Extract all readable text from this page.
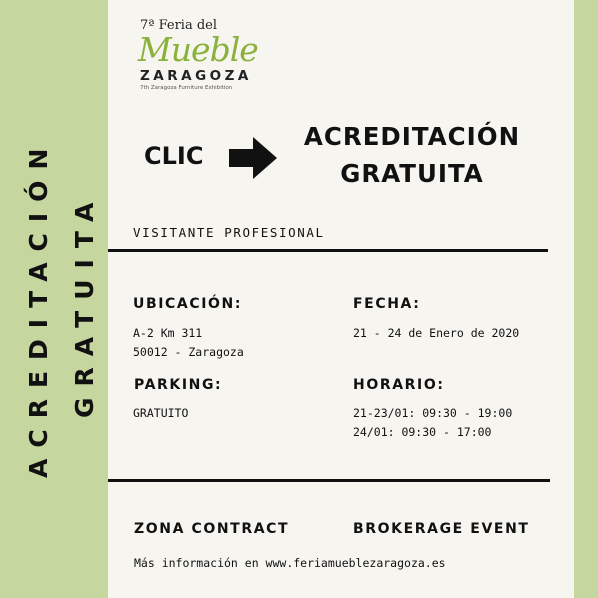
ACREDITACIÓN GRATUITA
7ª Feria del
Mueble
ZARAGOZA
7th Zaragoza Furniture Exhibition
CLIC
ACREDITACIÓN
GRATUITA
VISITANTE PROFESIONAL
UBICACIÓN:
A-2 Km 311
50012 - Zaragoza
FECHA:
21 - 24 de Enero de 2020
PARKING:
GRATUITO
HORARIO:
21-23/01: 09:30 - 19:00
24/01: 09:30 - 17:00
ZONA CONTRACT	BROKERAGE EVENT
Más información en www.feriamueblezaragoza.es
